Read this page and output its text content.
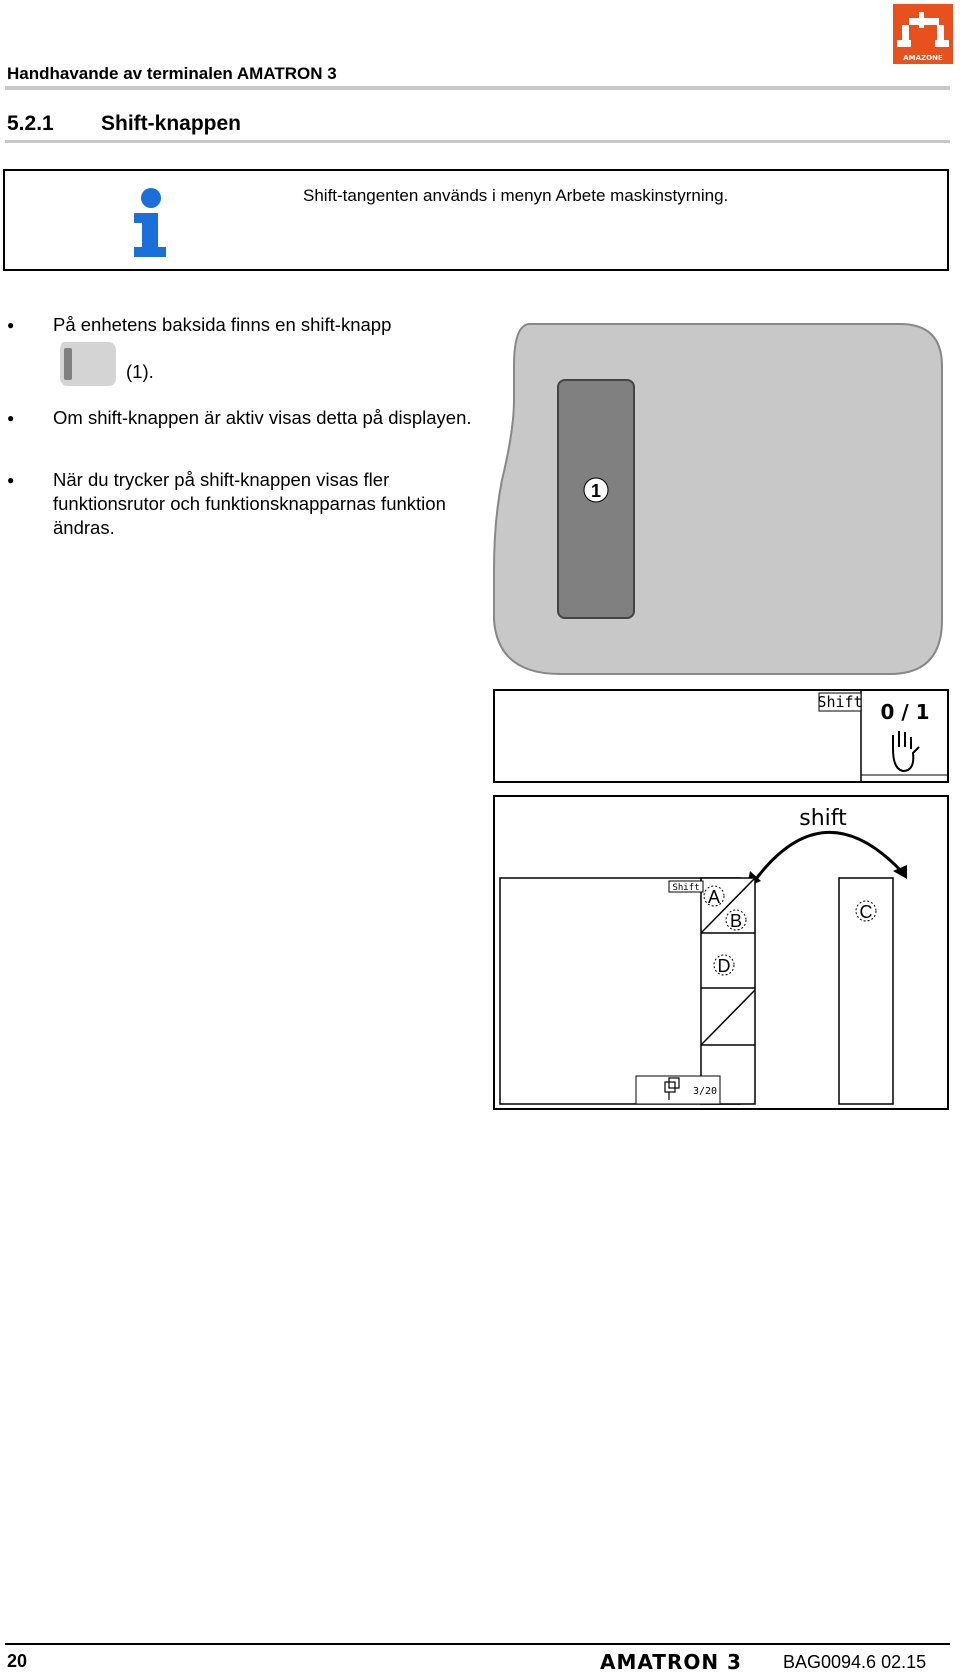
Handhavande av terminalen AMATRON 3
AMAZONE
5.2.1 Shift-knappen
Shift-tangenten används i menyn Arbete maskinstyrning.
● På enhetens baksida finns en shift-knapp
(1).
● Om shift-knappen är aktiv visas detta på displayen.
● När du trycker på shift-knappen visas fler funktionsrutor och funktionsknapparnas funktion ändras.
1
Shift 0 / 1
shift
Shift
3/20
A
B	C
D
20	AMATRON 3 BAG0094.6 02.15
